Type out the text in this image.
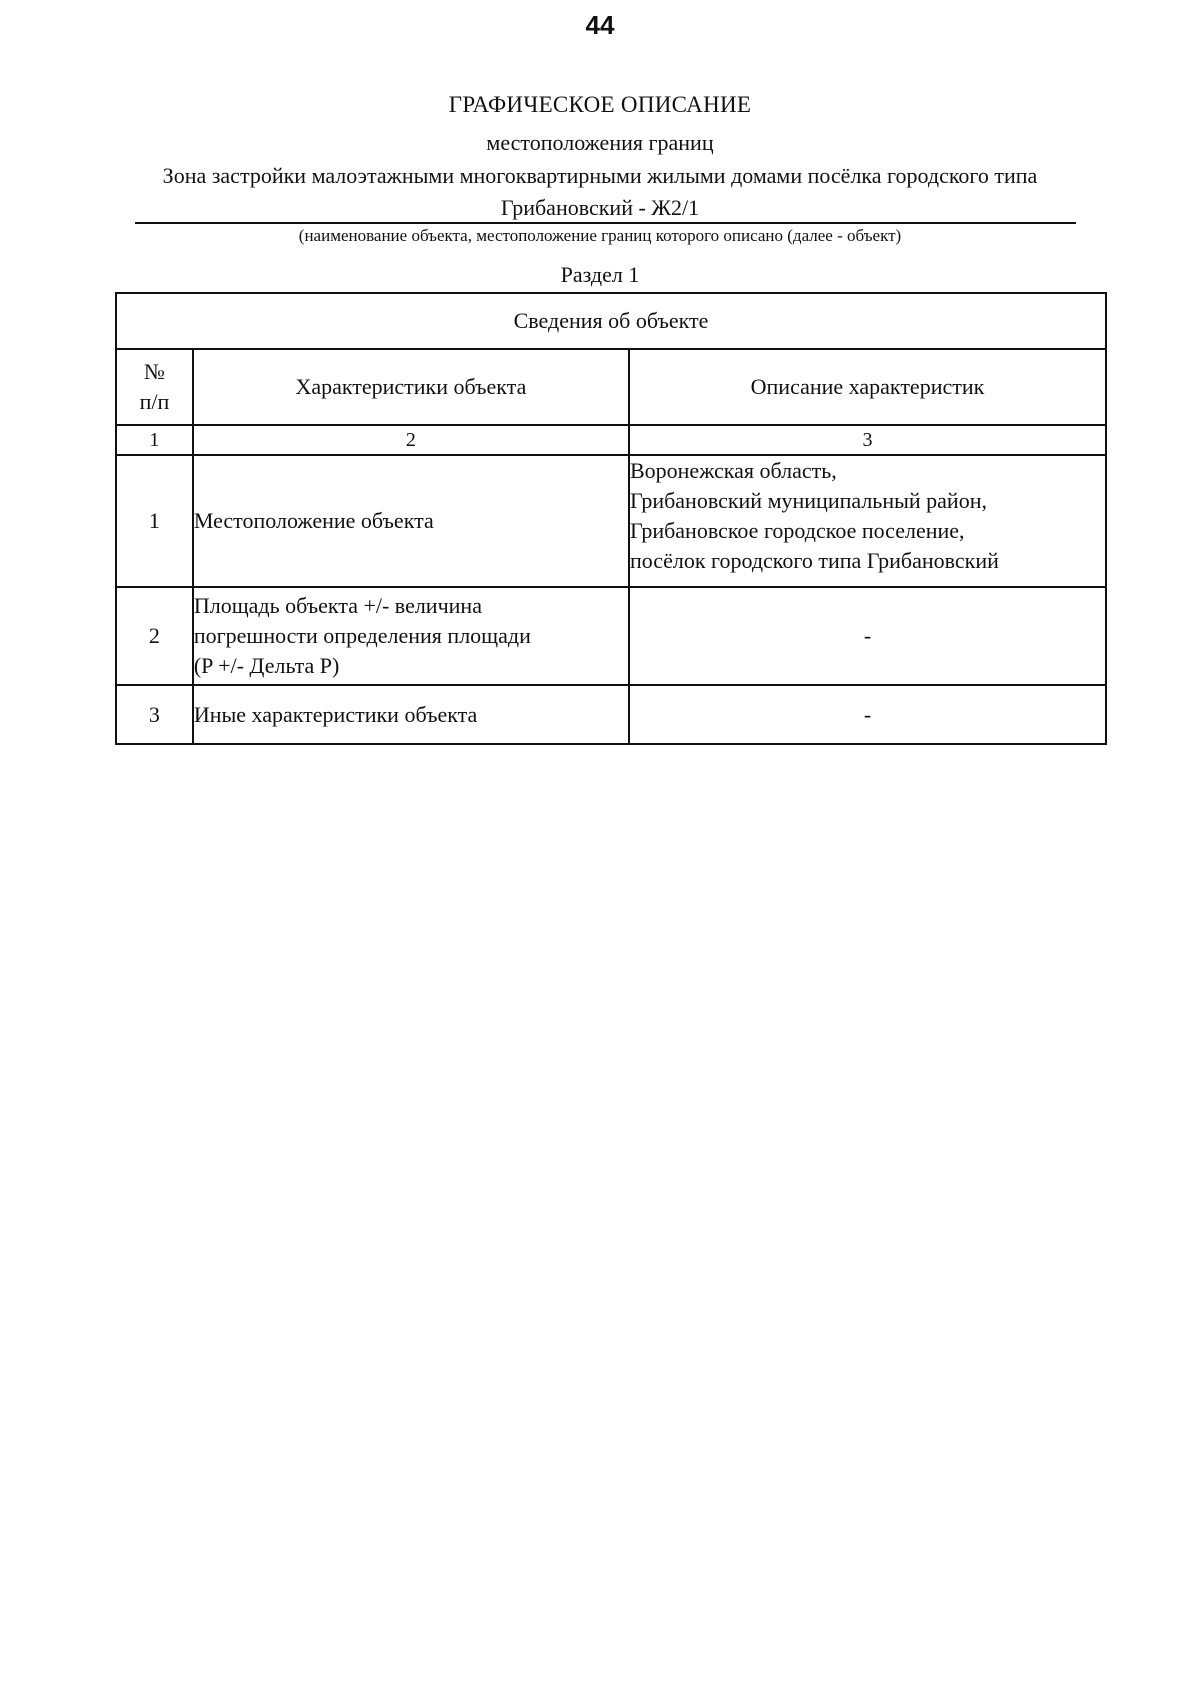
44
ГРАФИЧЕСКОЕ ОПИСАНИЕ
местоположения границ
Зона застройки малоэтажными многоквартирными жилыми домами посёлка городского типа Грибановский - Ж2/1
(наименование объекта, местоположение границ которого описано (далее - объект)
Раздел 1
Сведения об объекте		

№
п/п	Характеристики объекта	Описание характеристик
1	2	3
1	Местоположение объекта	Воронежская область,
Грибановский муниципальный район,
Грибановское городское поселение,
посёлок городского типа Грибановский

2	Площадь объекта +/- величина
погрешности определения площади
(P +/- Дельта P)	-
3	Иные характеристики объекта	-
